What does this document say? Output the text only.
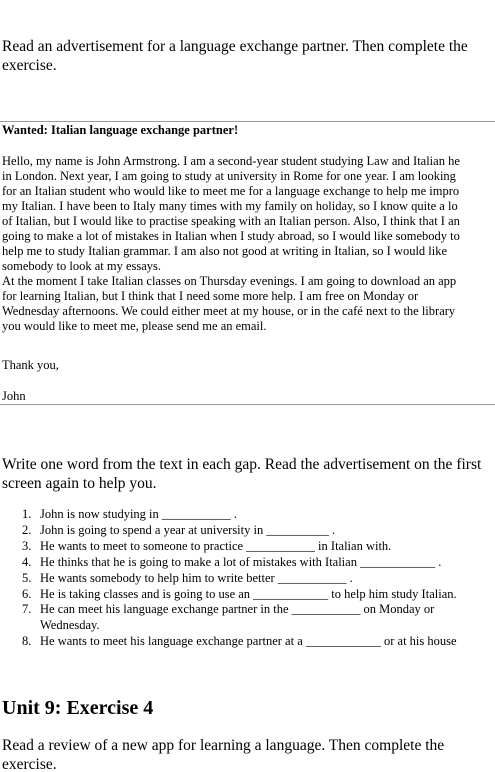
Read an advertisement for a language exchange partner. Then complete the
exercise.
Wanted: Italian language exchange partner!
Hello, my name is John Armstrong. I am a second-year student studying Law and Italian he
in London. Next year, I am going to study at university in Rome for one year. I am looking
for an Italian student who would like to meet me for a language exchange to help me impro
my Italian. I have been to Italy many times with my family on holiday, so I know quite a lo
of Italian, but I would like to practise speaking with an Italian person. Also, I think that I an
going to make a lot of mistakes in Italian when I study abroad, so I would like somebody to
help me to study Italian grammar. I am also not good at writing in Italian, so I would like
somebody to look at my essays.
At the moment I take Italian classes on Thursday evenings. I am going to download an app
for learning Italian, but I think that I need some more help. I am free on Monday or
Wednesday afternoons. We could either meet at my house, or in the café next to the library
you would like to meet me, please send me an email.
Thank you,
John
Write one word from the text in each gap. Read the advertisement on the first
screen again to help you.
1. John is now studying in ___________ .
2. John is going to spend a year at university in __________ .
3. He wants to meet to someone to practice ___________ in Italian with.
4. He thinks that he is going to make a lot of mistakes with Italian ____________ .
5. He wants somebody to help him to write better ___________ .
6. He is taking classes and is going to use an ____________ to help him study Italian.
7. He can meet his language exchange partner in the ___________ on Monday or
Wednesday.
8. He wants to meet his language exchange partner at a ____________ or at his house
Unit 9: Exercise 4
Read a review of a new app for learning a language. Then complete the
exercise.
